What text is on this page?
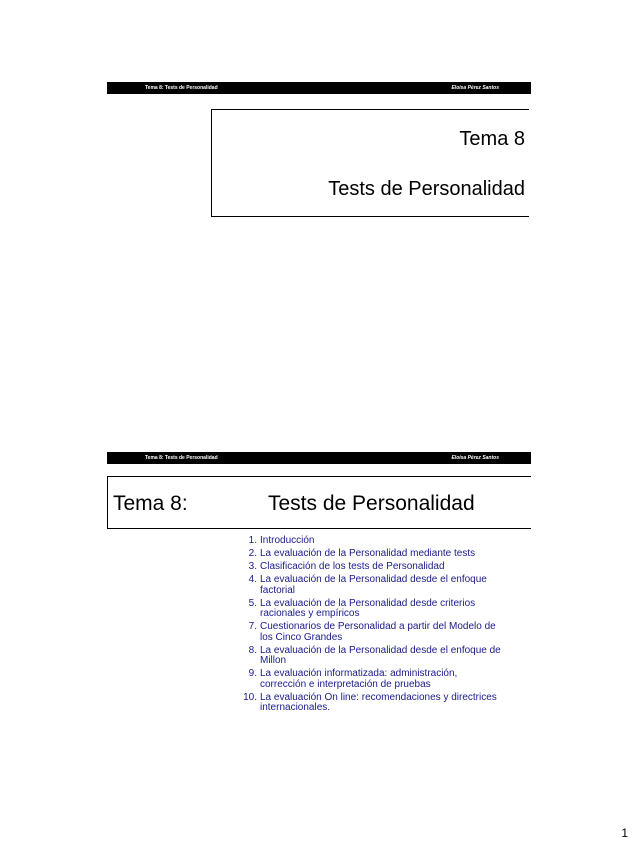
Tema 8: Tests de Personalidad	Eloisa Pérez Santos
Tema 8
Tests de Personalidad
Tema 8: Tests de Personalidad	Eloisa Pérez Santos
Tema 8:	Tests de Personalidad
1. Introducción
2. La evaluación de la Personalidad mediante tests
3. Clasificación de los tests de Personalidad
4. La evaluación de la Personalidad desde el enfoque factorial
5. La evaluación de la Personalidad desde criterios racionales y empíricos
7. Cuestionarios de Personalidad a partir del Modelo de los Cinco Grandes
8. La evaluación de la Personalidad desde el enfoque de Millon
9. La evaluación informatizada: administración, corrección e interpretación de pruebas
10. La evaluación On line: recomendaciones y directrices internacionales.
1
